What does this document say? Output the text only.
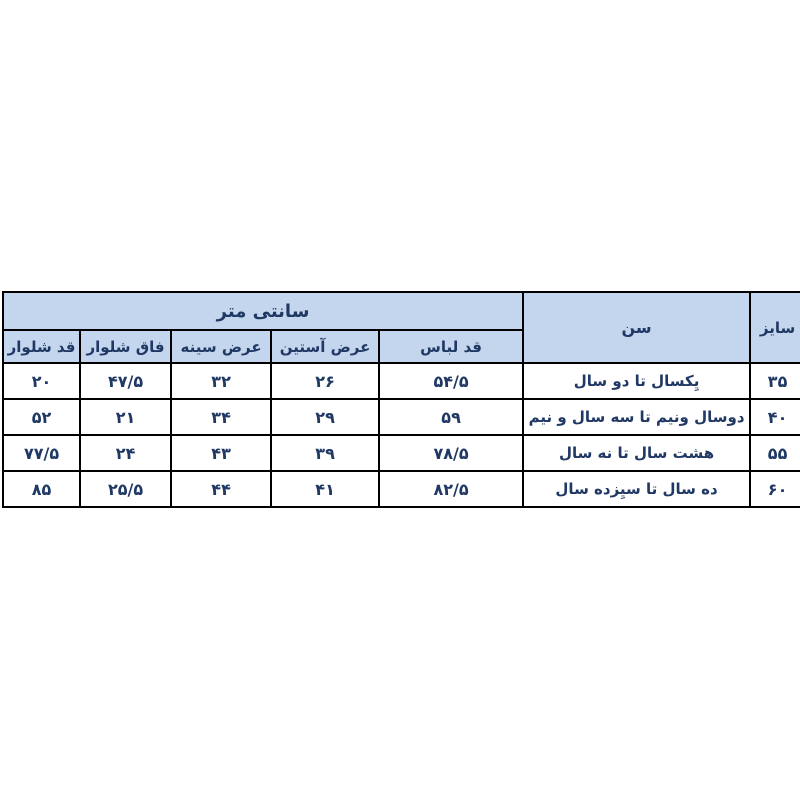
سایز	سن	سانتی متر				
		قد لباس	عرض آستین	عرض سینه	فاق شلوار	قد شلوار
۳۵	یِکسال تا دو سال	۵۴/۵	۲۶	۳۲	۴۷/۵	۲۰
۴۰	دوسال ونیم تا سه سال و نیم	۵۹	۲۹	۳۴	۲۱	۵۲
۵۵	هشت سال تا نه سال	۷۸/۵	۳۹	۴۳	۲۴	۷۷/۵
۶۰	ده سال تا سیِزده سال	۸۲/۵	۴۱	۴۴	۲۵/۵	۸۵
